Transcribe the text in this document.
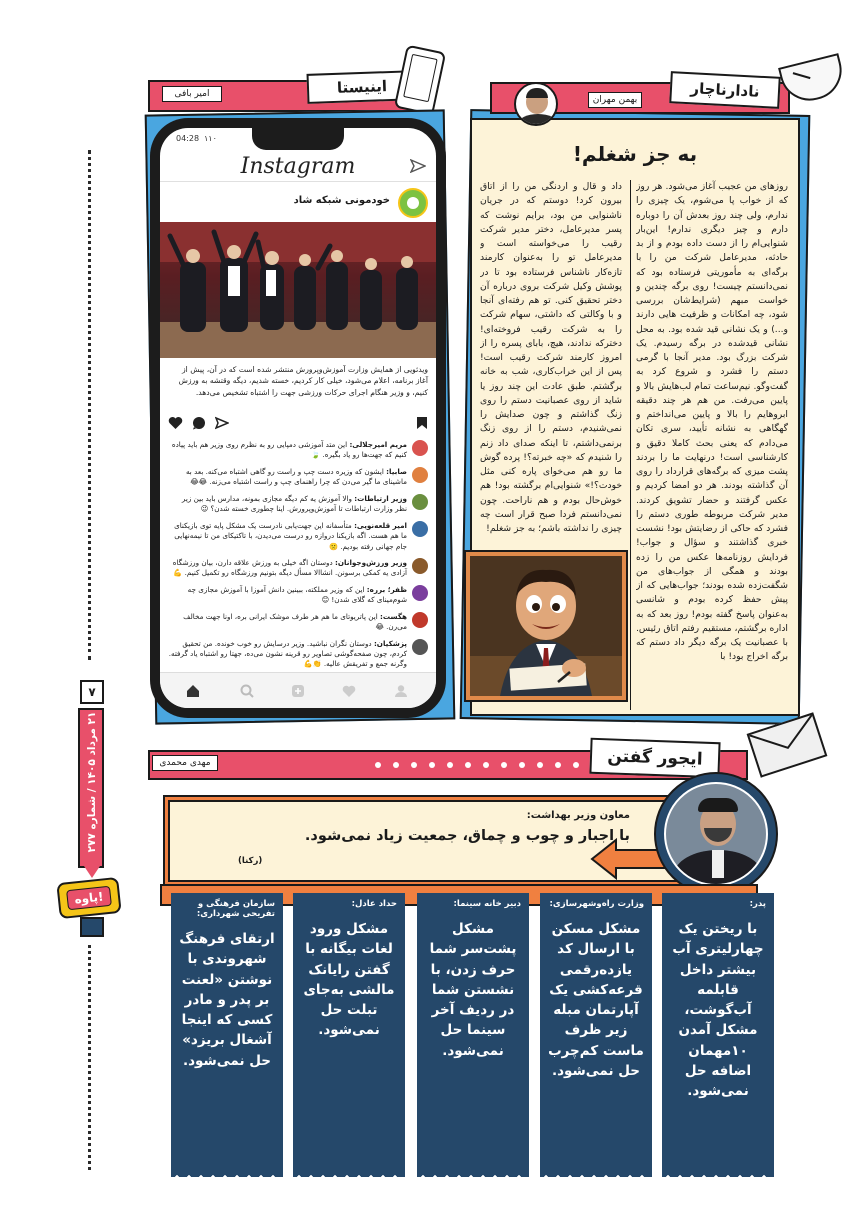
۷
۲۱ مرداد ۱۴۰۵ / شماره ۲۷۷
پاوه!
اینیستا
امیر بافی
04:28 ۱۱۰
Instagram
خودمونی شبکه شاد
ویدئویی از همایش وزارت آموزش‌وپرورش منتشر شده است که در آن، پیش از آغاز برنامه، اعلام می‌شود، خیلی کار کردیم، خسته شدیم، دیگه وقتشه به ورزش کنیم، و وزیر هنگام اجرای حرکات ورزشی جهت را اشتباه تشخیص می‌دهد.
مریم امیرجلالی: این متد آموزشی دمپایی رو به نظرم روی وزیر هم باید پیاده کنیم که جهت‌ها رو یاد بگیره. 🍃
صابیا: ایشون که وزیره دست چپ و راست رو گاهی اشتباه می‌کنه. بعد به ماشینای ما گیر می‌دن که چرا راهنمای چپ و راست اشتباه می‌زنه. 😂😂
وزیر ارتباطات: والا آموزش یه کم دیگه مجازی بمونه، مدارس باید بین زیر نظر وزارت ارتباطات تا آموزش‌وپرورش. اینا چطوری خسته شدن؟ 😉
امیر قلعه‌نویی: متأسفانه این جهت‌یابی نادرست یک مشکل پایه توی بازیکنای ما هم هست. اگه بازیکنا دروازه رو درست می‌دیدن، با تاکتیکای من تا نیمه‌نهایی جام جهانی رفته بودیم. 🙁
وزیر ورزش‌وجوانان: دوستان اگه خیلی به ورزش علاقه دارن، بیان ورزشگاه آزادی یه کمکی برسونن. انشاالا مسأل دیگه بتونیم ورزشگاه رو تکمیل کنیم. 💪
ظفر؛ برره: این که وزیر مملکته، ببینین دانش آموزا با آموزش مجازی چه شوم‌مینای که گلای شدن! 😊
هگست: این پاتریوتای ما هم هر طرف موشک ایرانی بره، اونا جهت مخالف می‌رن. 😂
پزشکیان: دوستان نگران نباشید. وزیر درسایش رو خوب خونده. من تحقیق کردم، چون صفحه‌گوشی تصاویر رو قرینه نشون می‌ده، جهتا رو اشتباه یاد گرفته. وگرنه جمع و تفریقش عالیه. 👏💪
نادارناچار
بهمن مهران
به جز شغلم!
روزهای من عجیب آغاز می‌شود. هر روز که از خواب پا می‌شوم، یک چیزی را ندارم، ولی چند روز بعدش آن را دوباره دارم و چیز دیگری ندارم! این‌بار شنوایی‌ام را از دست داده بودم و از بد حادثه، مدیرعامل شرکت من را با برگه‌ای به مأموریتی فرستاده بود که نمی‌دانستم چیست! روی برگه چندین و خواست مبهم (شرایط‌شان بررسی شود، چه امکانات و ظرفیت هایی دارند و...) و یک نشانی قید شده بود. به محل نشانی قیدشده در برگه رسیدم. یک شرکت بزرگ بود. مدیر آنجا با گرمی دستم را فشرد و شروع کرد به گفت‌وگو. نیم‌ساعت تمام لب‌هایش بالا و پایین می‌رفت. من هم هر چند دقیقه ابروهایم را بالا و پایین می‌انداختم و گهگاهی به نشانه تأیید، سری تکان می‌دادم که یعنی بحث کاملا دقیق و کارشناسی است! درنهایت ما را بردند پشت میزی که برگه‌های قرارداد را روی آن گذاشته بودند. هر دو امضا کردیم و عکس گرفتند و حضار تشویق کردند. مدیر شرکت مربوطه طوری دستم را فشرد که حاکی از رضایتش بود! نشست خبری گذاشتند و سؤال و جواب! فردایش روزنامه‌ها عکس من را زده بودند و همگی از جواب‌های من شگفت‌زده شده بودند؛ جواب‌هایی که از پیش حفظ کرده بودم و شانسی به‌عنوان پاسخ گفته بودم! روز بعد که به اداره برگشتم، مستقیم رفتم اتاق رئیس. با عصبانیت یک برگه دیگر داد دستم که برگه اخراج بود! با
داد و قال و اردنگی من را از اتاق بیرون کرد! دوستم که در جریان ناشنوایی من بود، برایم نوشت که پسر مدیرعامل، دختر مدیر شرکت رقیب را می‌خواسته است و مدیرعامل تو را به‌عنوان کارمند تازه‌کار ناشناس فرستاده بود تا در پوشش وکیل شرکت بروی درباره آن دختر تحقیق کنی. تو هم رفته‌ای آنجا و با وکالتی که داشتی، سهام شرکت را به شرکت رقیب فروخته‌ای! دخترکه ندادند، هیچ، بابای پسره را از امروز کارمند شرکت رقیب است! پس از این خراب‌کاری، شب به خانه برگشتم. طبق عادت این چند روز یا شاید از روی عصبانیت دستم را روی زنگ گذاشتم و چون صدایش را نمی‌شنیدم، دستم را از روی زنگ برنمی‌داشتم، تا اینکه صدای داد زنم را شنیدم که «چه خبرته؟! پرده گوش ما رو هم می‌خوای پاره کنی مثل خودت؟!» شنوایی‌ام برگشته بود! هم خوش‌حال بودم و هم ناراحت. چون نمی‌دانستم فردا صبح قرار است چه چیزی را نداشته باشم؛ به جز شغلم!
ایجور گفتن
مهدی محمدی
معاون وزیر بهداشت:
با اجبار و چوب و چماق، جمعیت زیاد نمی‌شود.
(رکنا)
پدر:
با ریختن یک چهارلیتری آب بیشتر داخل قابلمه آب‌گوشت، مشکل آمدن ۱۰مهمان اضافه حل نمی‌شود.
وزارت راه‌وشهرسازی:
مشکل مسکن با ارسال کد یازده‌رقمی قرعه‌کشی یک آپارتمان مبله زیر ظرف ماست کم‌چرب حل نمی‌شود.
دبیر خانه سینما:
مشکل پشت‌سر شما حرف زدن، با نشستن شما در ردیف آخر سینما حل نمی‌شود.
حداد عادل:
مشکل ورود لغات بیگانه با گفتن رایانک مالشی به‌جای تبلت حل نمی‌شود.
سازمان فرهنگی و تفریحی شهرداری:
ارتقای فرهنگ شهروندی با نوشتن «لعنت بر پدر و مادر کسی که اینجا آشغال بریزد» حل نمی‌شود.
